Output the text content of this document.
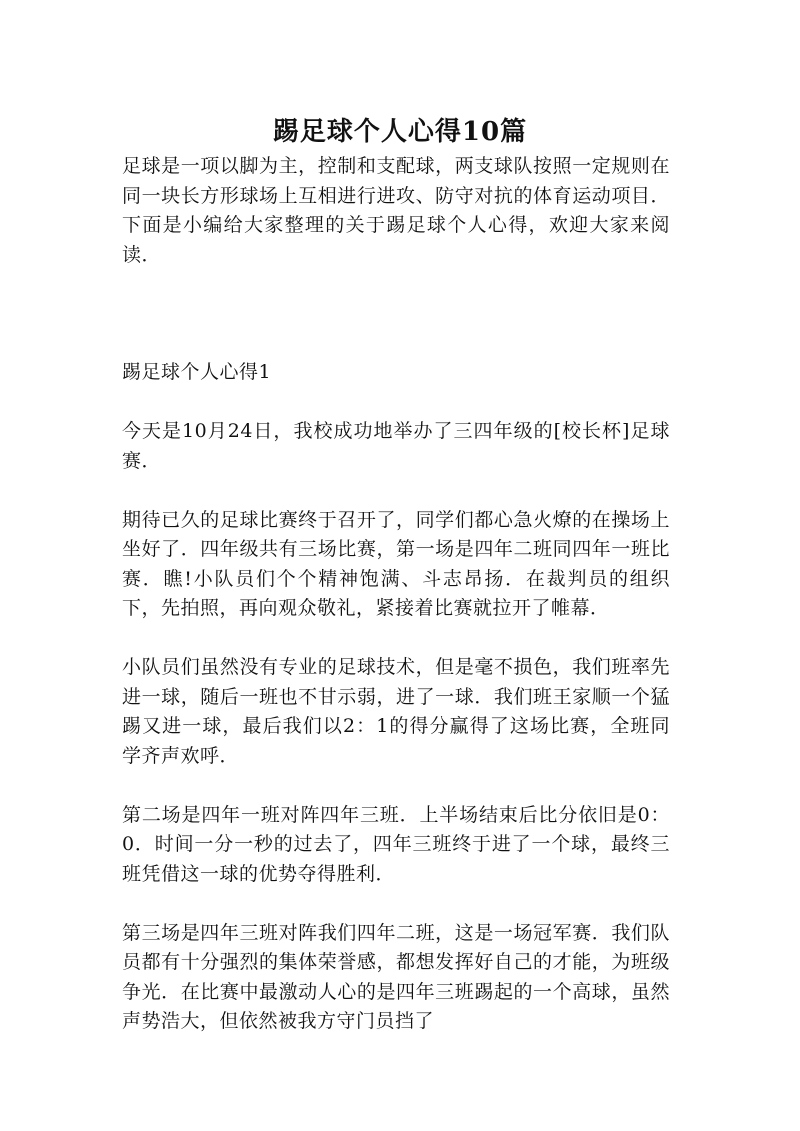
踢足球个人心得10篇

足球是一项以脚为主，控制和支配球，两支球队按照一定规则在同一块长方形球场上互相进行进攻、防守对抗的体育运动项目．下面是小编给大家整理的关于踢足球个人心得，欢迎大家来阅读．

踢足球个人心得1

今天是10月24日，我校成功地举办了三四年级的[校长杯]足球赛．

期待已久的足球比赛终于召开了，同学们都心急火燎的在操场上坐好了．四年级共有三场比赛，第一场是四年二班同四年一班比赛．瞧!小队员们个个精神饱满、斗志昂扬．在裁判员的组织下，先拍照，再向观众敬礼，紧接着比赛就拉开了帷幕．

小队员们虽然没有专业的足球技术，但是毫不损色，我们班率先进一球，随后一班也不甘示弱，进了一球．我们班王家顺一个猛踢又进一球，最后我们以2：1的得分赢得了这场比赛，全班同学齐声欢呼．

第二场是四年一班对阵四年三班．上半场结束后比分依旧是0：0．时间一分一秒的过去了，四年三班终于进了一个球，最终三班凭借这一球的优势夺得胜利．

第三场是四年三班对阵我们四年二班，这是一场冠军赛．我们队员都有十分强烈的集体荣誉感，都想发挥好自己的才能，为班级争光．在比赛中最激动人心的是四年三班踢起的一个高球，虽然声势浩大，但依然被我方守门员挡了
